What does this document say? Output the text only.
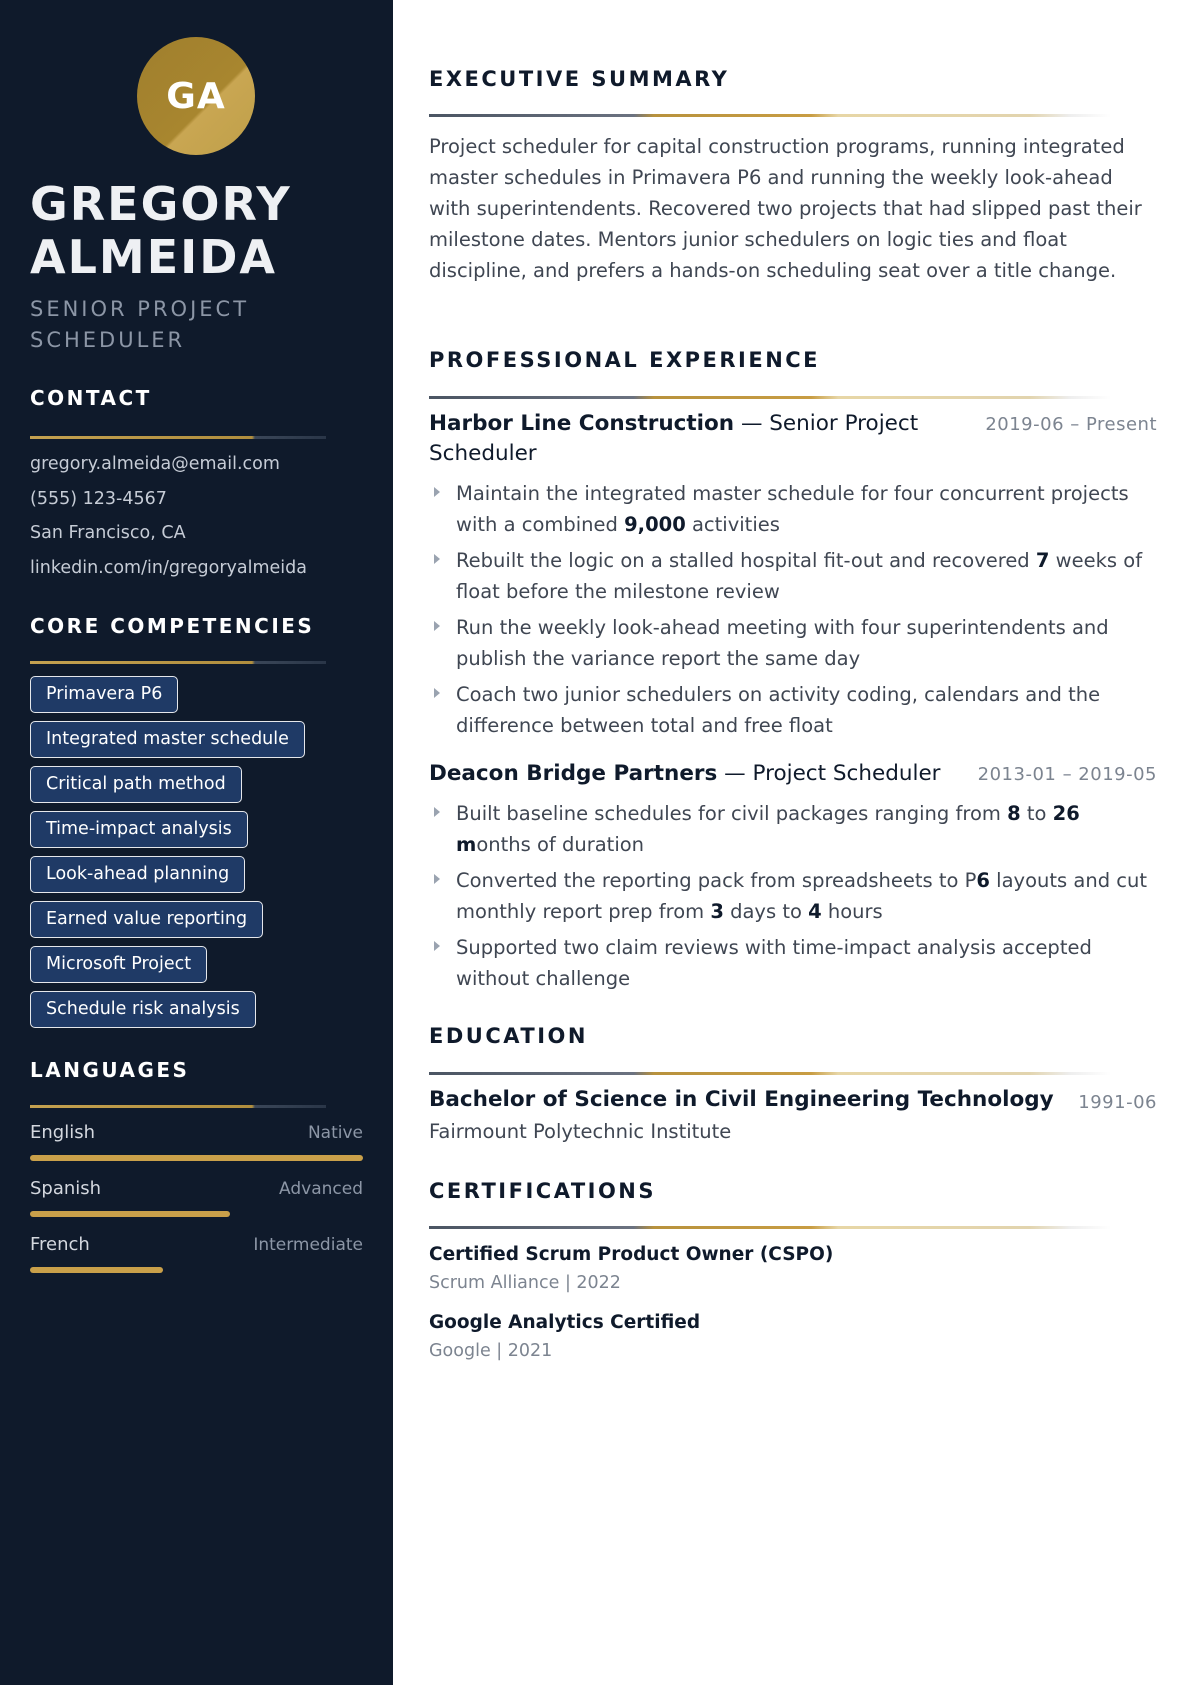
GA
GREGORY
ALMEIDA
SENIOR PROJECT
SCHEDULER
CONTACT
gregory.almeida@email.com
(555) 123-4567
San Francisco, CA
linkedin.com/in/gregoryalmeida
CORE COMPETENCIES
Primavera P6
Integrated master schedule
Critical path method
Time-impact analysis
Look-ahead planning
Earned value reporting
Microsoft Project
Schedule risk analysis
LANGUAGES
English	Native
Spanish	Advanced
French	Intermediate
EXECUTIVE SUMMARY
Project scheduler for capital construction programs, running integrated master schedules in Primavera P6 and running the weekly look-ahead with superintendents. Recovered two projects that had slipped past their milestone dates. Mentors junior schedulers on logic ties and float discipline, and prefers a hands-on scheduling seat over a title change.
PROFESSIONAL EXPERIENCE
Harbor Line Construction — Senior Project Scheduler
2019-06 – Present
Maintain the integrated master schedule for four concurrent projects with a combined 9,000 activities
Rebuilt the logic on a stalled hospital fit-out and recovered 7 weeks of float before the milestone review
Run the weekly look-ahead meeting with four superintendents and publish the variance report the same day
Coach two junior schedulers on activity coding, calendars and the difference between total and free float
Deacon Bridge Partners — Project Scheduler	2013-01 – 2019-05
Built baseline schedules for civil packages ranging from 8 to 26 months of duration
Converted the reporting pack from spreadsheets to P6 layouts and cut monthly report prep from 3 days to 4 hours
Supported two claim reviews with time-impact analysis accepted without challenge
EDUCATION
Bachelor of Science in Civil Engineering Technology 1991-06
Fairmount Polytechnic Institute
CERTIFICATIONS
Certified Scrum Product Owner (CSPO)
Scrum Alliance | 2022
Google Analytics Certified
Google | 2021
